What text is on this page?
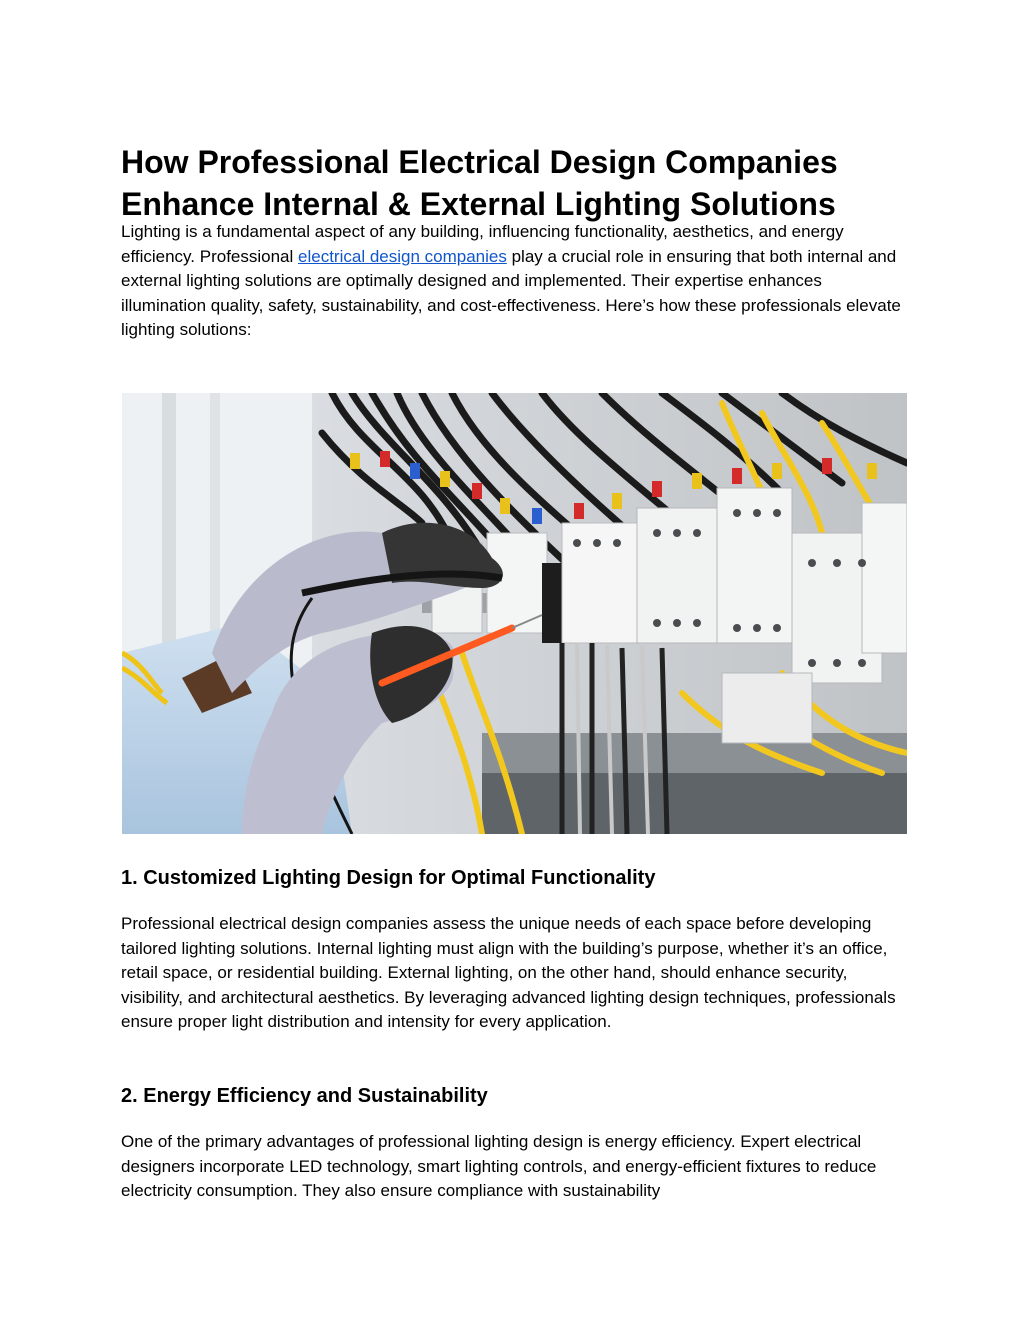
How Professional Electrical Design Companies
Enhance Internal & External Lighting Solutions

Lighting is a fundamental aspect of any building, influencing functionality, aesthetics, and energy efficiency. Professional electrical design companies play a crucial role in ensuring that both internal and external lighting solutions are optimally designed and implemented. Their expertise enhances illumination quality, safety, sustainability, and cost-effectiveness. Here’s how these professionals elevate lighting solutions:

1. Customized Lighting Design for Optimal Functionality

Professional electrical design companies assess the unique needs of each space before developing tailored lighting solutions. Internal lighting must align with the building’s purpose, whether it’s an office, retail space, or residential building. External lighting, on the other hand, should enhance security, visibility, and architectural aesthetics. By leveraging advanced lighting design techniques, professionals ensure proper light distribution and intensity for every application.

2. Energy Efficiency and Sustainability

One of the primary advantages of professional lighting design is energy efficiency. Expert electrical designers incorporate LED technology, smart lighting controls, and energy-efficient fixtures to reduce electricity consumption. They also ensure compliance with sustainability
